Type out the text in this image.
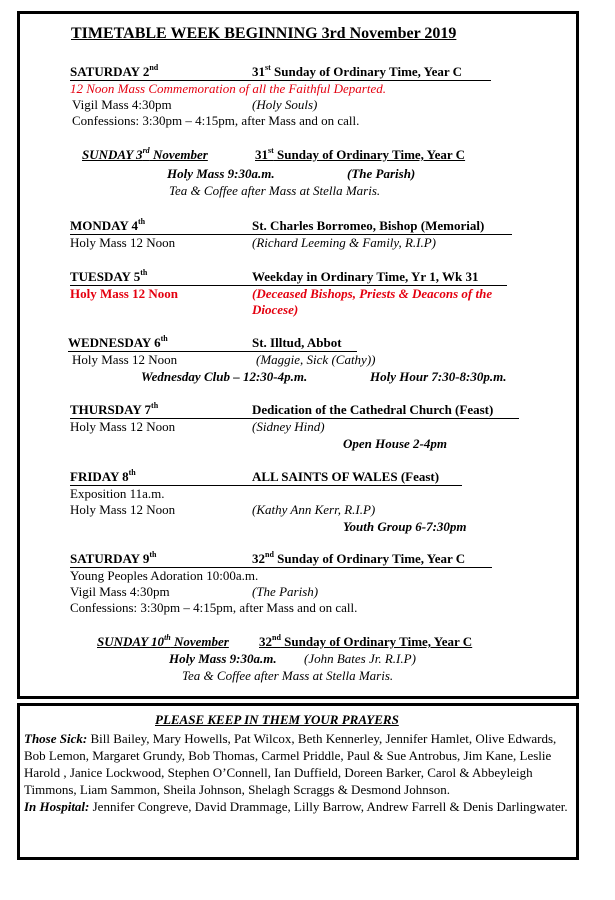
TIMETABLE WEEK BEGINNING 3rd November 2019
SATURDAY 2nd	31st Sunday of Ordinary Time, Year C
12 Noon Mass Commemoration of all the Faithful Departed.
Vigil Mass 4:30pm	(Holy Souls)
Confessions: 3:30pm – 4:15pm, after Mass and on call.
SUNDAY 3rd November	31st Sunday of Ordinary Time, Year C
Holy Mass 9:30a.m.	(The Parish)
Tea & Coffee after Mass at Stella Maris.
MONDAY 4th	St. Charles Borromeo, Bishop (Memorial)
Holy Mass 12 Noon	(Richard Leeming & Family, R.I.P)
TUESDAY 5th	Weekday in Ordinary Time, Yr 1, Wk 31
Holy Mass 12 Noon	(Deceased Bishops, Priests & Deacons of the
Diocese)
WEDNESDAY 6th	St. Illtud, Abbot
Holy Mass 12 Noon	(Maggie, Sick (Cathy))
Wednesday Club – 12:30-4p.m.	Holy Hour 7:30-8:30p.m.
THURSDAY 7th	Dedication of the Cathedral Church (Feast)
Holy Mass 12 Noon	(Sidney Hind)
Open House 2-4pm
FRIDAY 8th	ALL SAINTS OF WALES (Feast)
Exposition 11a.m.
Holy Mass 12 Noon	(Kathy Ann Kerr, R.I.P)
Youth Group 6-7:30pm
SATURDAY 9th	32nd Sunday of Ordinary Time, Year C
Young Peoples Adoration 10:00a.m.
Vigil Mass 4:30pm	(The Parish)
Confessions: 3:30pm – 4:15pm, after Mass and on call.
SUNDAY 10th November 32nd Sunday of Ordinary Time, Year C
Holy Mass 9:30a.m. (John Bates Jr. R.I.P)
Tea & Coffee after Mass at Stella Maris.
PLEASE KEEP IN THEM YOUR PRAYERS

Those Sick: Bill Bailey, Mary Howells, Pat Wilcox, Beth Kennerley, Jennifer Hamlet, Olive Edwards, Bob Lemon, Margaret Grundy, Bob Thomas, Carmel Priddle, Paul & Sue Antrobus, Jim Kane, Leslie Harold , Janice Lockwood, Stephen O’Connell, Ian Duffield, Doreen Barker, Carol & Abbeyleigh Timmons, Liam Sammon, Sheila Johnson, Shelagh Scraggs & Desmond Johnson.

In Hospital: Jennifer Congreve, David Drammage, Lilly Barrow, Andrew Farrell & Denis Darlingwater.
